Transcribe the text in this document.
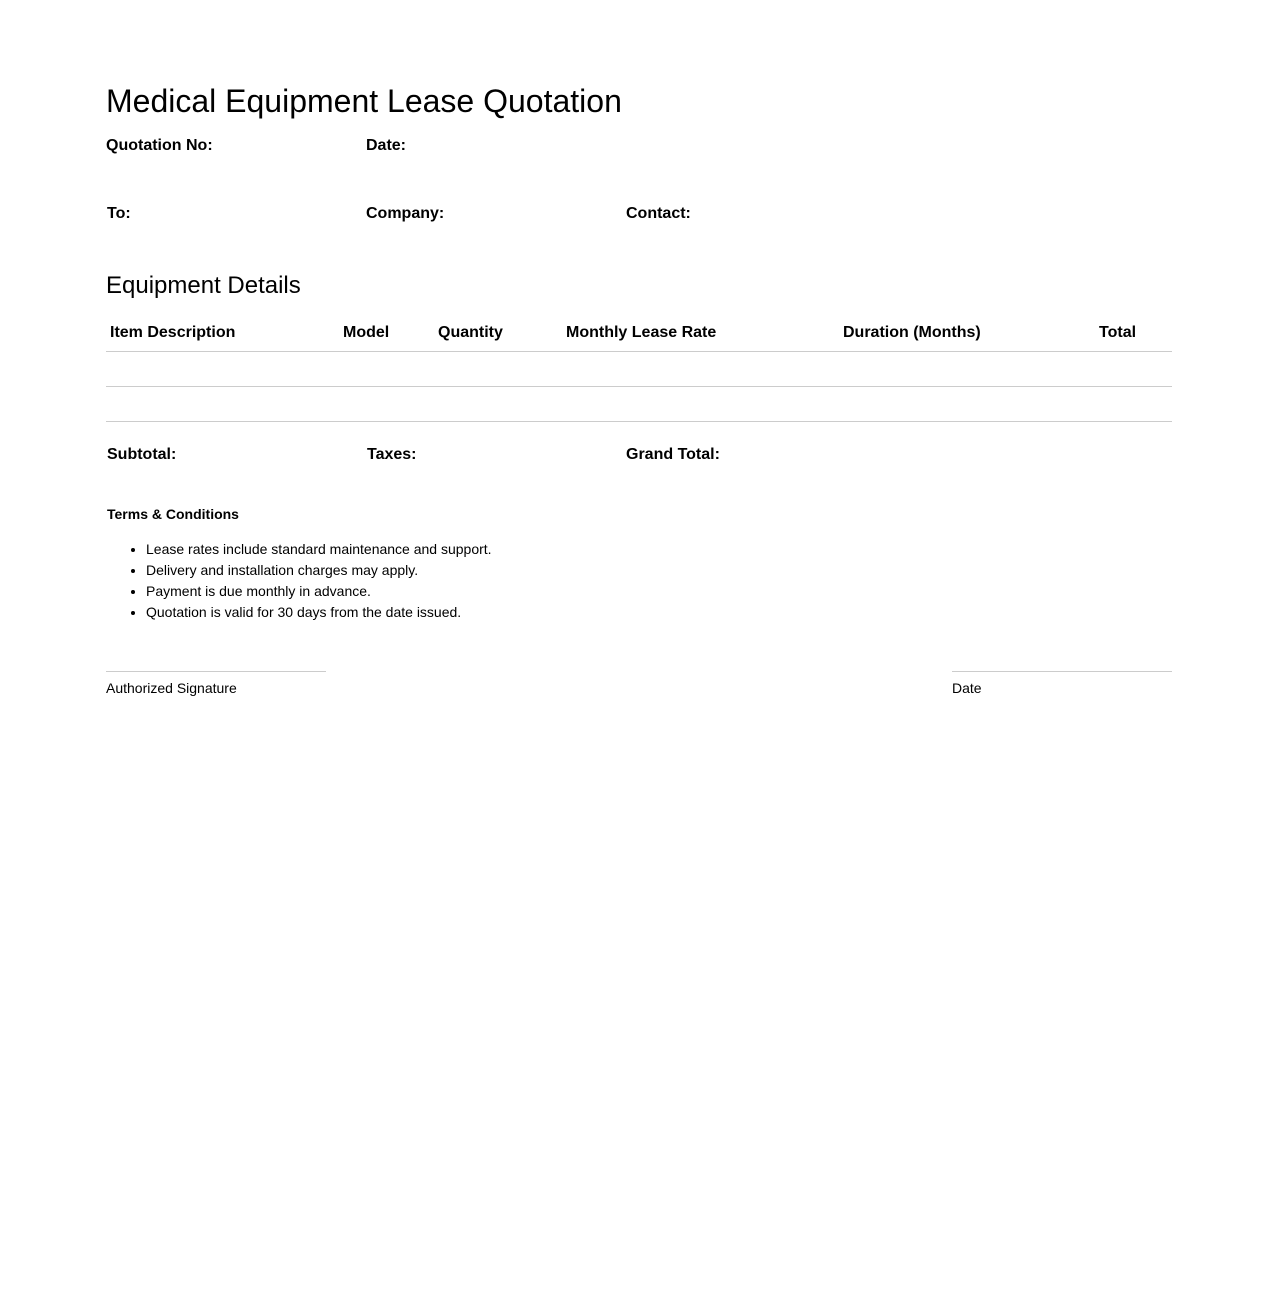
Medical Equipment Lease Quotation
Quotation No:	Date:
To:	Company:	Contact:
Equipment Details
Item Description	Model	Quantity	Monthly Lease Rate	Duration (Months)	Total

Subtotal:	Taxes:	Grand Total:
Terms & Conditions
• Lease rates include standard maintenance and support.
• Delivery and installation charges may apply.
• Payment is due monthly in advance.
• Quotation is valid for 30 days from the date issued.
Authorized Signature	Date
